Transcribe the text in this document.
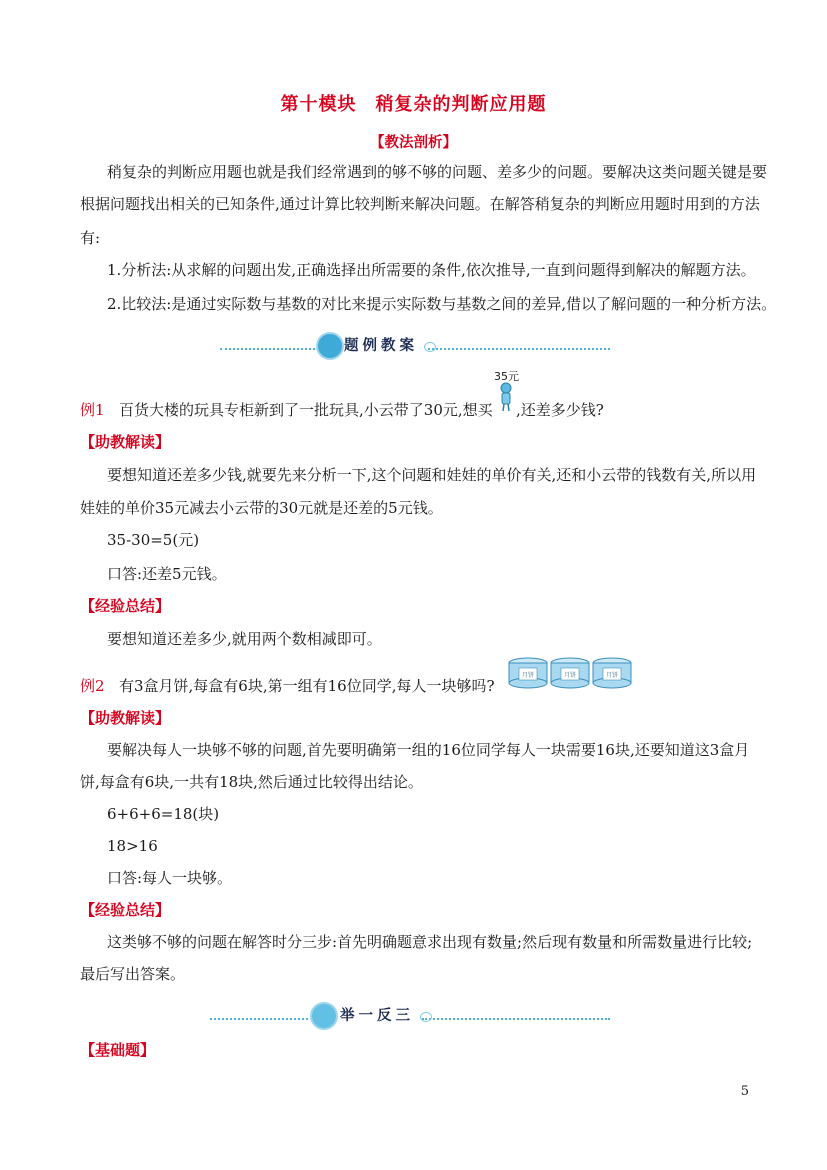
第十模块　稍复杂的判断应用题
【教法剖析】
稍复杂的判断应用题也就是我们经常遇到的够不够的问题、差多少的问题。要解决这类问题关键是要
根据问题找出相关的已知条件,通过计算比较判断来解决问题。在解答稍复杂的判断应用题时用到的方法
有:
1.分析法:从求解的问题出发,正确选择出所需要的条件,依次推导,一直到问题得到解决的解题方法。
2.比较法:是通过实际数与基数的对比来提示实际数与基数之间的差异,借以了解问题的一种分析方法。
题例教案
35元
例1 百货大楼的玩具专柜新到了一批玩具,小云带了30元,想买 ,还差多少钱?
【助教解读】
要想知道还差多少钱,就要先来分析一下,这个问题和娃娃的单价有关,还和小云带的钱数有关,所以用
娃娃的单价35元减去小云带的30元就是还差的5元钱。
35-30=5(元)
口答:还差5元钱。
【经验总结】
要想知道还差多少,就用两个数相减即可。
例2 有3盒月饼,每盒有6块,第一组有16位同学,每人一块够吗?
月饼	月饼	月饼
【助教解读】
要解决每人一块够不够的问题,首先要明确第一组的16位同学每人一块需要16块,还要知道这3盒月
饼,每盒有6块,一共有18块,然后通过比较得出结论。
6+6+6=18(块)
18>16
口答:每人一块够。
【经验总结】
这类够不够的问题在解答时分三步:首先明确题意求出现有数量;然后现有数量和所需数量进行比较;
最后写出答案。
举一反三
【基础题】
5
